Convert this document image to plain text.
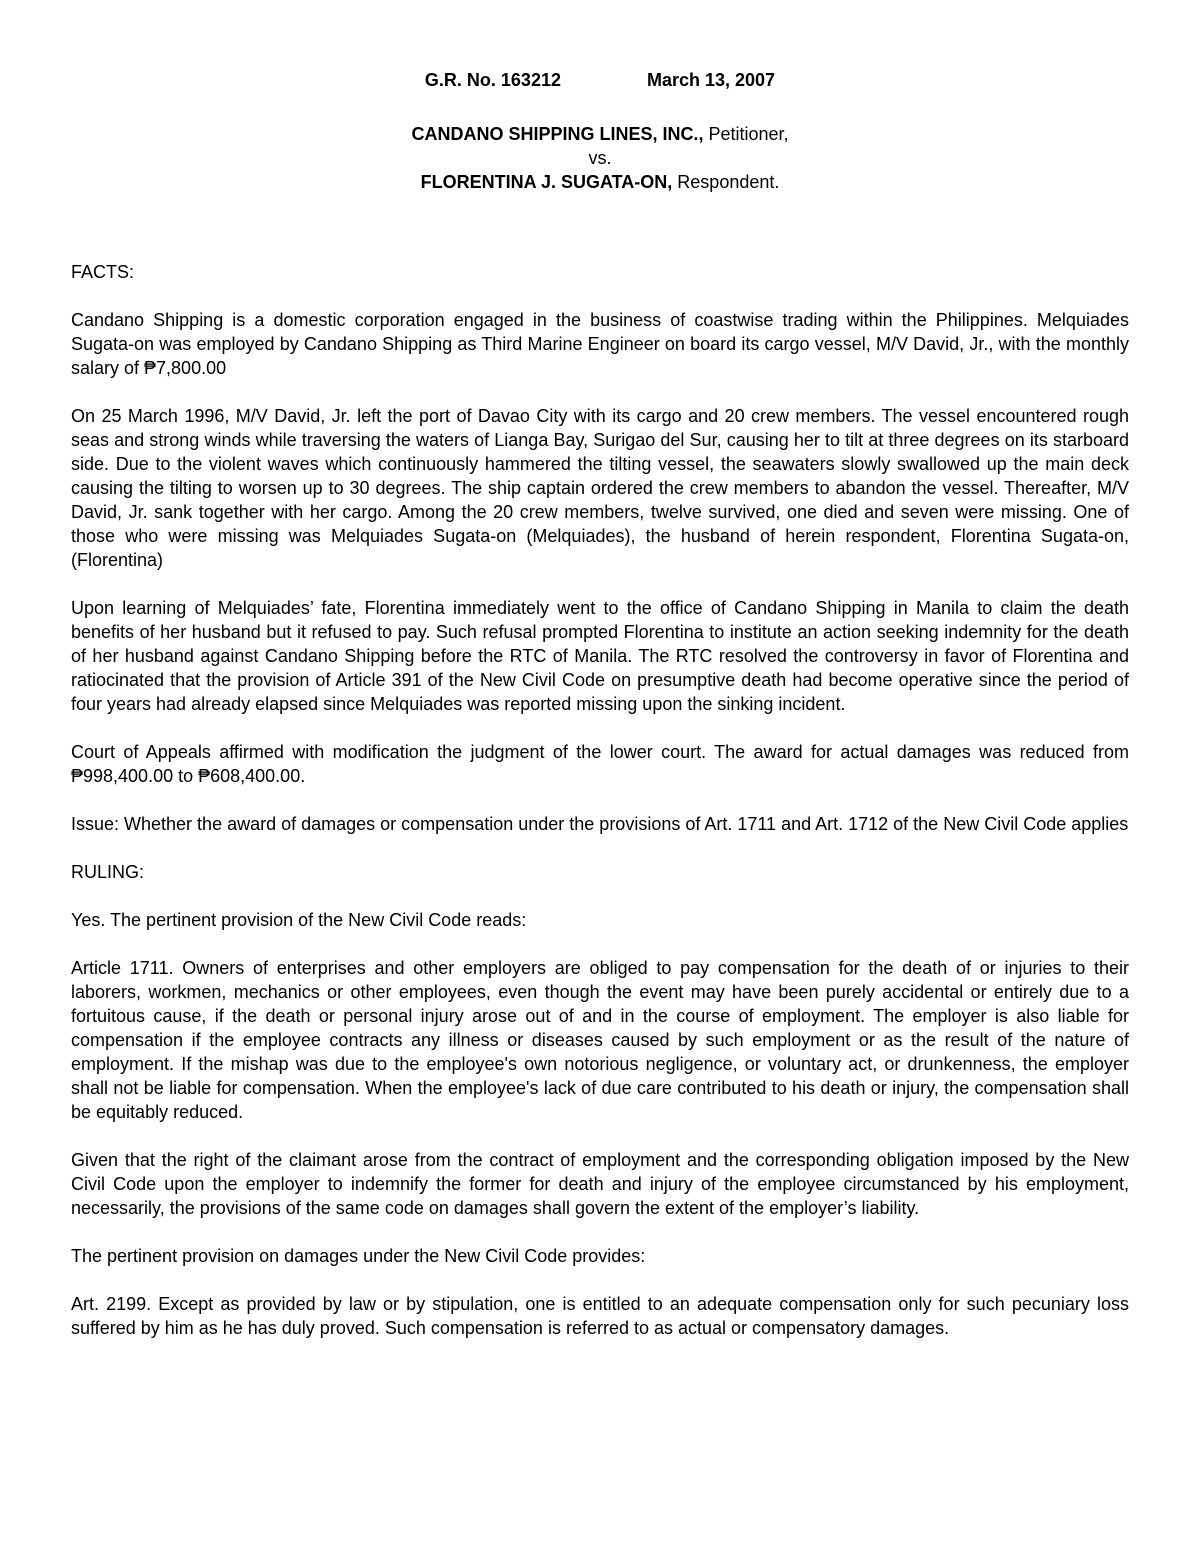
G.R. No. 163212	March 13, 2007

CANDANO SHIPPING LINES, INC., Petitioner,
vs.
FLORENTINA J. SUGATA-ON, Respondent.

FACTS:

Candano Shipping is a domestic corporation engaged in the business of coastwise trading within the Philippines. Melquiades Sugata-on was employed by Candano Shipping as Third Marine Engineer on board its cargo vessel, M/V David, Jr., with the monthly salary of ₱7,800.00

On 25 March 1996, M/V David, Jr. left the port of Davao City with its cargo and 20 crew members. The vessel encountered rough seas and strong winds while traversing the waters of Lianga Bay, Surigao del Sur, causing her to tilt at three degrees on its starboard side. Due to the violent waves which continuously hammered the tilting vessel, the seawaters slowly swallowed up the main deck causing the tilting to worsen up to 30 degrees. The ship captain ordered the crew members to abandon the vessel. Thereafter, M/V David, Jr. sank together with her cargo. Among the 20 crew members, twelve survived, one died and seven were missing. One of those who were missing was Melquiades Sugata-on (Melquiades), the husband of herein respondent, Florentina Sugata-on, (Florentina)

Upon learning of Melquiades’ fate, Florentina immediately went to the office of Candano Shipping in Manila to claim the death benefits of her husband but it refused to pay. Such refusal prompted Florentina to institute an action seeking indemnity for the death of her husband against Candano Shipping before the RTC of Manila. The RTC resolved the controversy in favor of Florentina and ratiocinated that the provision of Article 391 of the New Civil Code on presumptive death had become operative since the period of four years had already elapsed since Melquiades was reported missing upon the sinking incident.

Court of Appeals affirmed with modification the judgment of the lower court. The award for actual damages was reduced from ₱998,400.00 to ₱608,400.00.

Issue: Whether the award of damages or compensation under the provisions of Art. 1711 and Art. 1712 of the New Civil Code applies

RULING:

Yes. The pertinent provision of the New Civil Code reads:

Article 1711. Owners of enterprises and other employers are obliged to pay compensation for the death of or injuries to their laborers, workmen, mechanics or other employees, even though the event may have been purely accidental or entirely due to a fortuitous cause, if the death or personal injury arose out of and in the course of employment. The employer is also liable for compensation if the employee contracts any illness or diseases caused by such employment or as the result of the nature of employment. If the mishap was due to the employee's own notorious negligence, or voluntary act, or drunkenness, the employer shall not be liable for compensation. When the employee's lack of due care contributed to his death or injury, the compensation shall be equitably reduced.

Given that the right of the claimant arose from the contract of employment and the corresponding obligation imposed by the New Civil Code upon the employer to indemnify the former for death and injury of the employee circumstanced by his employment, necessarily, the provisions of the same code on damages shall govern the extent of the employer’s liability.

The pertinent provision on damages under the New Civil Code provides:

Art. 2199. Except as provided by law or by stipulation, one is entitled to an adequate compensation only for such pecuniary loss suffered by him as he has duly proved. Such compensation is referred to as actual or compensatory damages.
